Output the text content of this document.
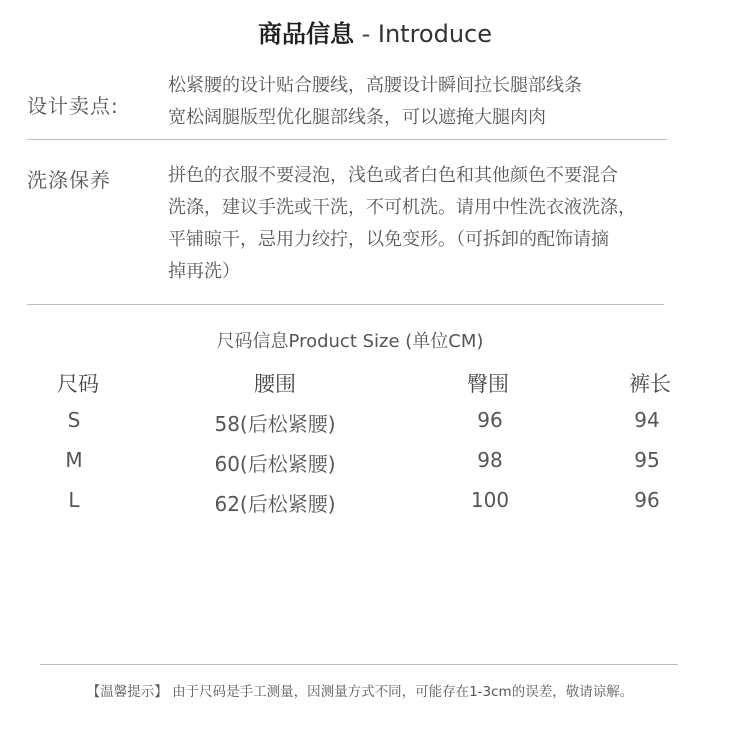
商品信息 - Introduce
设计卖点:
松紧腰的设计贴合腰线，高腰设计瞬间拉长腿部线条
宽松阔腿版型优化腿部线条，可以遮掩大腿肉肉
洗涤保养	拼色的衣服不要浸泡，浅色或者白色和其他颜色不要混合
洗涤，建议手洗或干洗，不可机洗。请用中性洗衣液洗涤，
平铺晾干，忌用力绞拧，以免变形。（可拆卸的配饰请摘
掉再洗）
尺码信息Product Size (单位CM)
尺码	腰围	臀围	裤长
S	58(后松紧腰)	96	94
M	60(后松紧腰)	98	95
L	62(后松紧腰)	100	96
【温馨提示】 由于尺码是手工测量，因测量方式不同，可能存在1-3cm的误差，敬请谅解。
